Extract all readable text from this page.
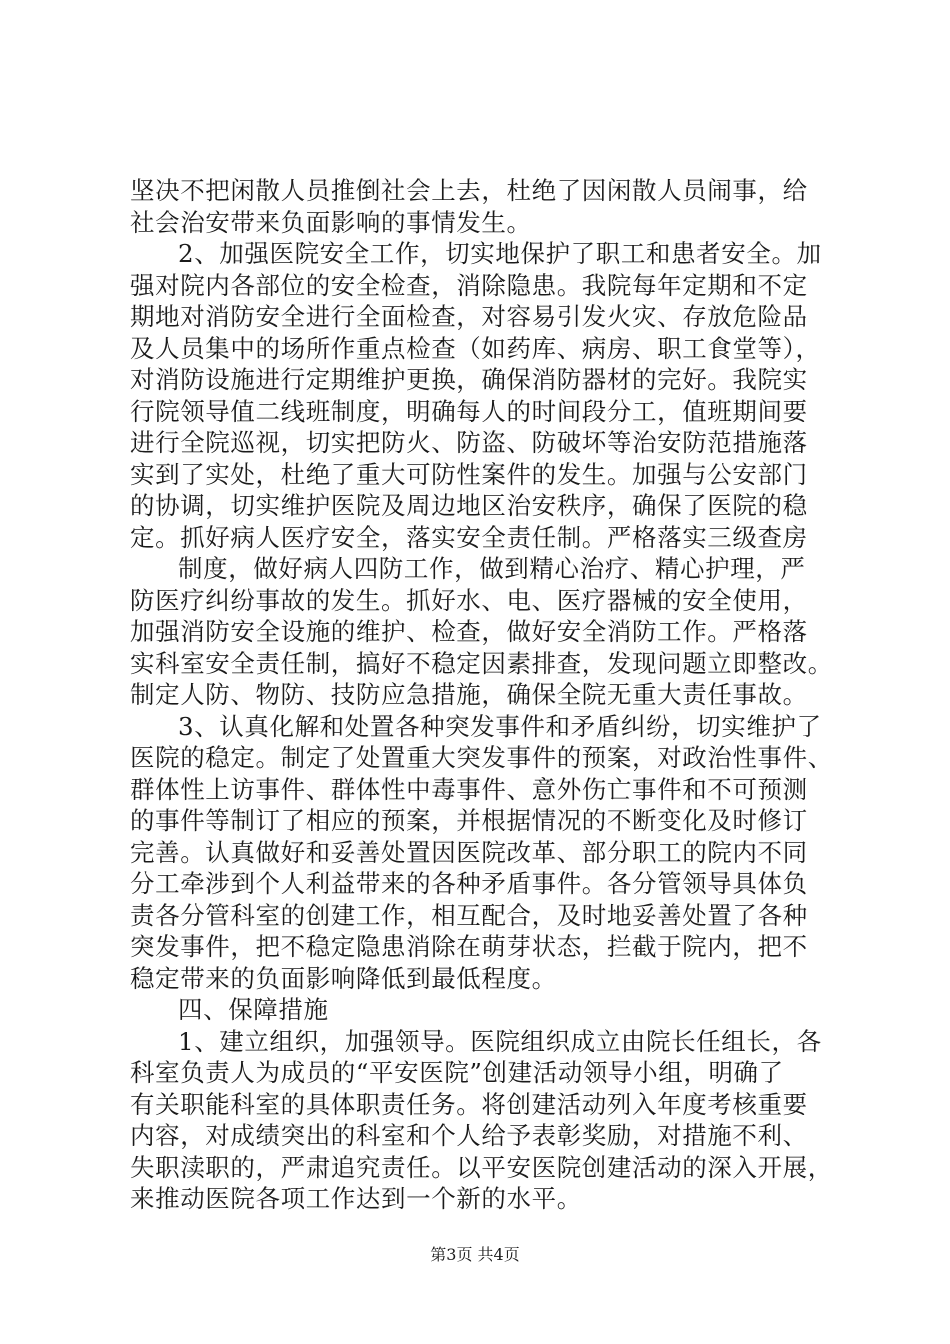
坚决不把闲散人员推倒社会上去，杜绝了因闲散人员闹事，给
社会治安带来负面影响的事情发生。
2、加强医院安全工作，切实地保护了职工和患者安全。加
强对院内各部位的安全检查，消除隐患。我院每年定期和不定
期地对消防安全进行全面检查，对容易引发火灾、存放危险品
及人员集中的场所作重点检查（如药库、病房、职工食堂等），
对消防设施进行定期维护更换，确保消防器材的完好。我院实
行院领导值二线班制度，明确每人的时间段分工，值班期间要
进行全院巡视，切实把防火、防盗、防破坏等治安防范措施落
实到了实处，杜绝了重大可防性案件的发生。加强与公安部门
的协调，切实维护医院及周边地区治安秩序，确保了医院的稳
定。抓好病人医疗安全，落实安全责任制。严格落实三级查房
制度，做好病人四防工作，做到精心治疗、精心护理，严
防医疗纠纷事故的发生。抓好水、电、医疗器械的安全使用，
加强消防安全设施的维护、检查，做好安全消防工作。严格落
实科室安全责任制，搞好不稳定因素排查，发现问题立即整改。
制定人防、物防、技防应急措施，确保全院无重大责任事故。
3、认真化解和处置各种突发事件和矛盾纠纷，切实维护了
医院的稳定。制定了处置重大突发事件的预案，对政治性事件、
群体性上访事件、群体性中毒事件、意外伤亡事件和不可预测
的事件等制订了相应的预案，并根据情况的不断变化及时修订
完善。认真做好和妥善处置因医院改革、部分职工的院内不同
分工牵涉到个人利益带来的各种矛盾事件。各分管领导具体负
责各分管科室的创建工作，相互配合，及时地妥善处置了各种
突发事件，把不稳定隐患消除在萌芽状态，拦截于院内，把不
稳定带来的负面影响降低到最低程度。
四、保障措施
1、建立组织，加强领导。医院组织成立由院长任组长，各
科室负责人为成员的“平安医院”创建活动领导小组，明确了
有关职能科室的具体职责任务。将创建活动列入年度考核重要
内容，对成绩突出的科室和个人给予表彰奖励，对措施不利、
失职渎职的，严肃追究责任。以平安医院创建活动的深入开展，
来推动医院各项工作达到一个新的水平。
第3页 共4页
